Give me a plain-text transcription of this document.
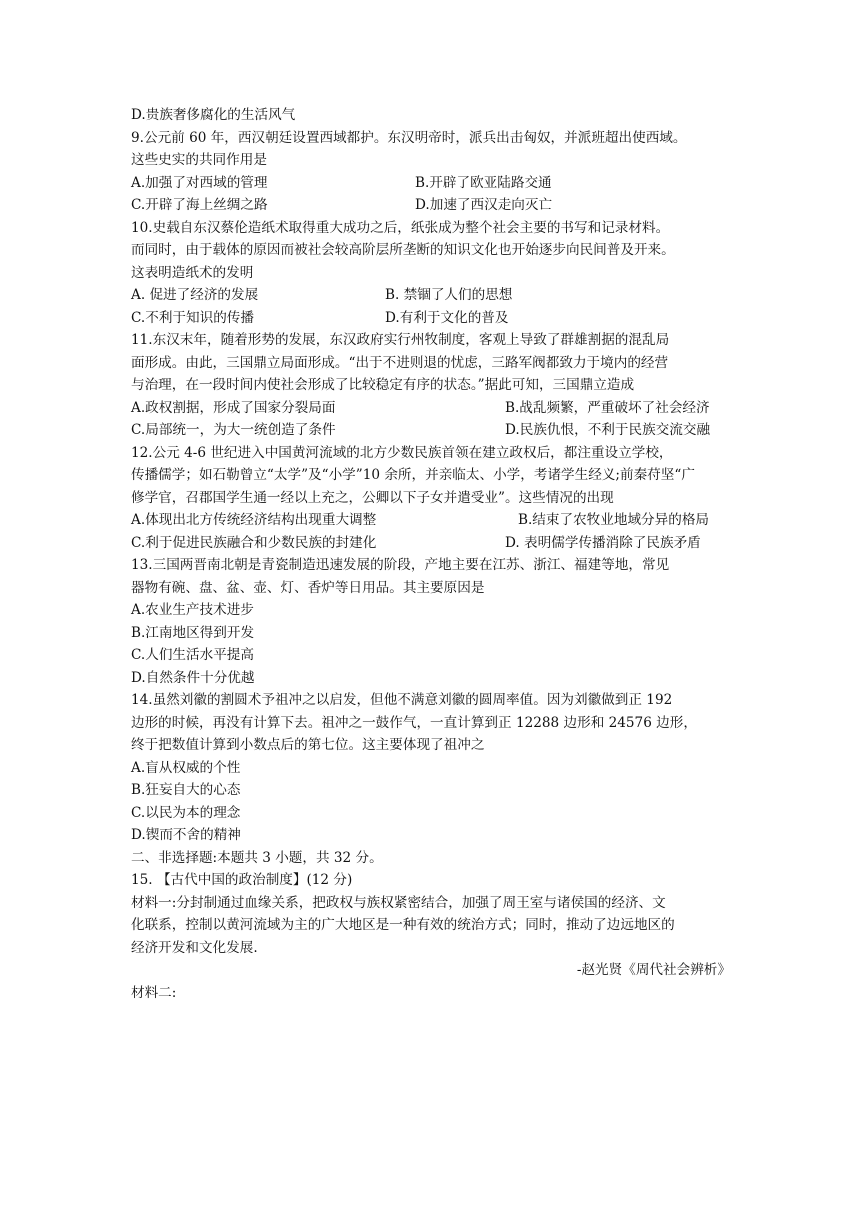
D.贵族奢侈腐化的生活风气
9.公元前 60 年，西汉朝廷设置西域都护。东汉明帝时，派兵出击匈奴，并派班超出使西域。
这些史实的共同作用是
A.加强了对西域的管理	B.开辟了欧亚陆路交通
C.开辟了海上丝绸之路	D.加速了西汉走向灭亡
10.史载自东汉蔡伦造纸术取得重大成功之后，纸张成为整个社会主要的书写和记录材料。
而同时，由于载体的原因而被社会较高阶层所垄断的知识文化也开始逐步向民间普及开来。
这表明造纸术的发明
A. 促进了经济的发展	B. 禁锢了人们的思想
C.不利于知识的传播	D.有利于文化的普及
11.东汉末年，随着形势的发展，东汉政府实行州牧制度，客观上导致了群雄割据的混乱局
面形成。由此，三国鼎立局面形成。“出于不进则退的忧虑，三路军阀都致力于境内的经营
与治理，在一段时间内使社会形成了比较稳定有序的状态。”据此可知，三国鼎立造成
A.政权割据，形成了国家分裂局面	B.战乱频繁，严重破坏了社会经济
C.局部统一，为大一统创造了条件	D.民族仇恨，不利于民族交流交融
12.公元 4-6 世纪进入中国黄河流域的北方少数民族首领在建立政权后，都注重设立学校，
传播儒学；如石勒曾立“太学”及“小学”10 余所，并亲临太、小学，考诸学生经义;前秦苻坚“广
修学官，召郡国学生通一经以上充之，公卿以下子女并遣受业”。这些情况的出现
A.体现出北方传统经济结构出现重大调整	B.结束了农牧业地域分异的格局
C.利于促进民族融合和少数民族的封建化	D. 表明儒学传播消除了民族矛盾
13.三国两晋南北朝是青瓷制造迅速发展的阶段，产地主要在江苏、浙江、福建等地，常见
器物有碗、盘、盆、壶、灯、香炉等日用品。其主要原因是
A.农业生产技术进步
B.江南地区得到开发
C.人们生活水平提高
D.自然条件十分优越
14.虽然刘徽的割圆术予祖冲之以启发，但他不满意刘徽的圆周率值。因为刘徽做到正 192
边形的时候，再没有计算下去。祖冲之一鼓作气，一直计算到正 12288 边形和 24576 边形，
终于把数值计算到小数点后的第七位。这主要体现了祖冲之
A.盲从权威的个性
B.狂妄自大的心态
C.以民为本的理念
D.锲而不舍的精神
二、非选择题:本题共 3 小题，共 32 分。
15. 【古代中国的政治制度】(12 分)
材料一:分封制通过血缘关系，把政权与族权紧密结合，加强了周王室与诸侯国的经济、文
化联系，控制以黄河流域为主的广大地区是一种有效的统治方式；同时，推动了边远地区的
经济开发和文化发展.
-赵光贤《周代社会辨析》
材料二:
